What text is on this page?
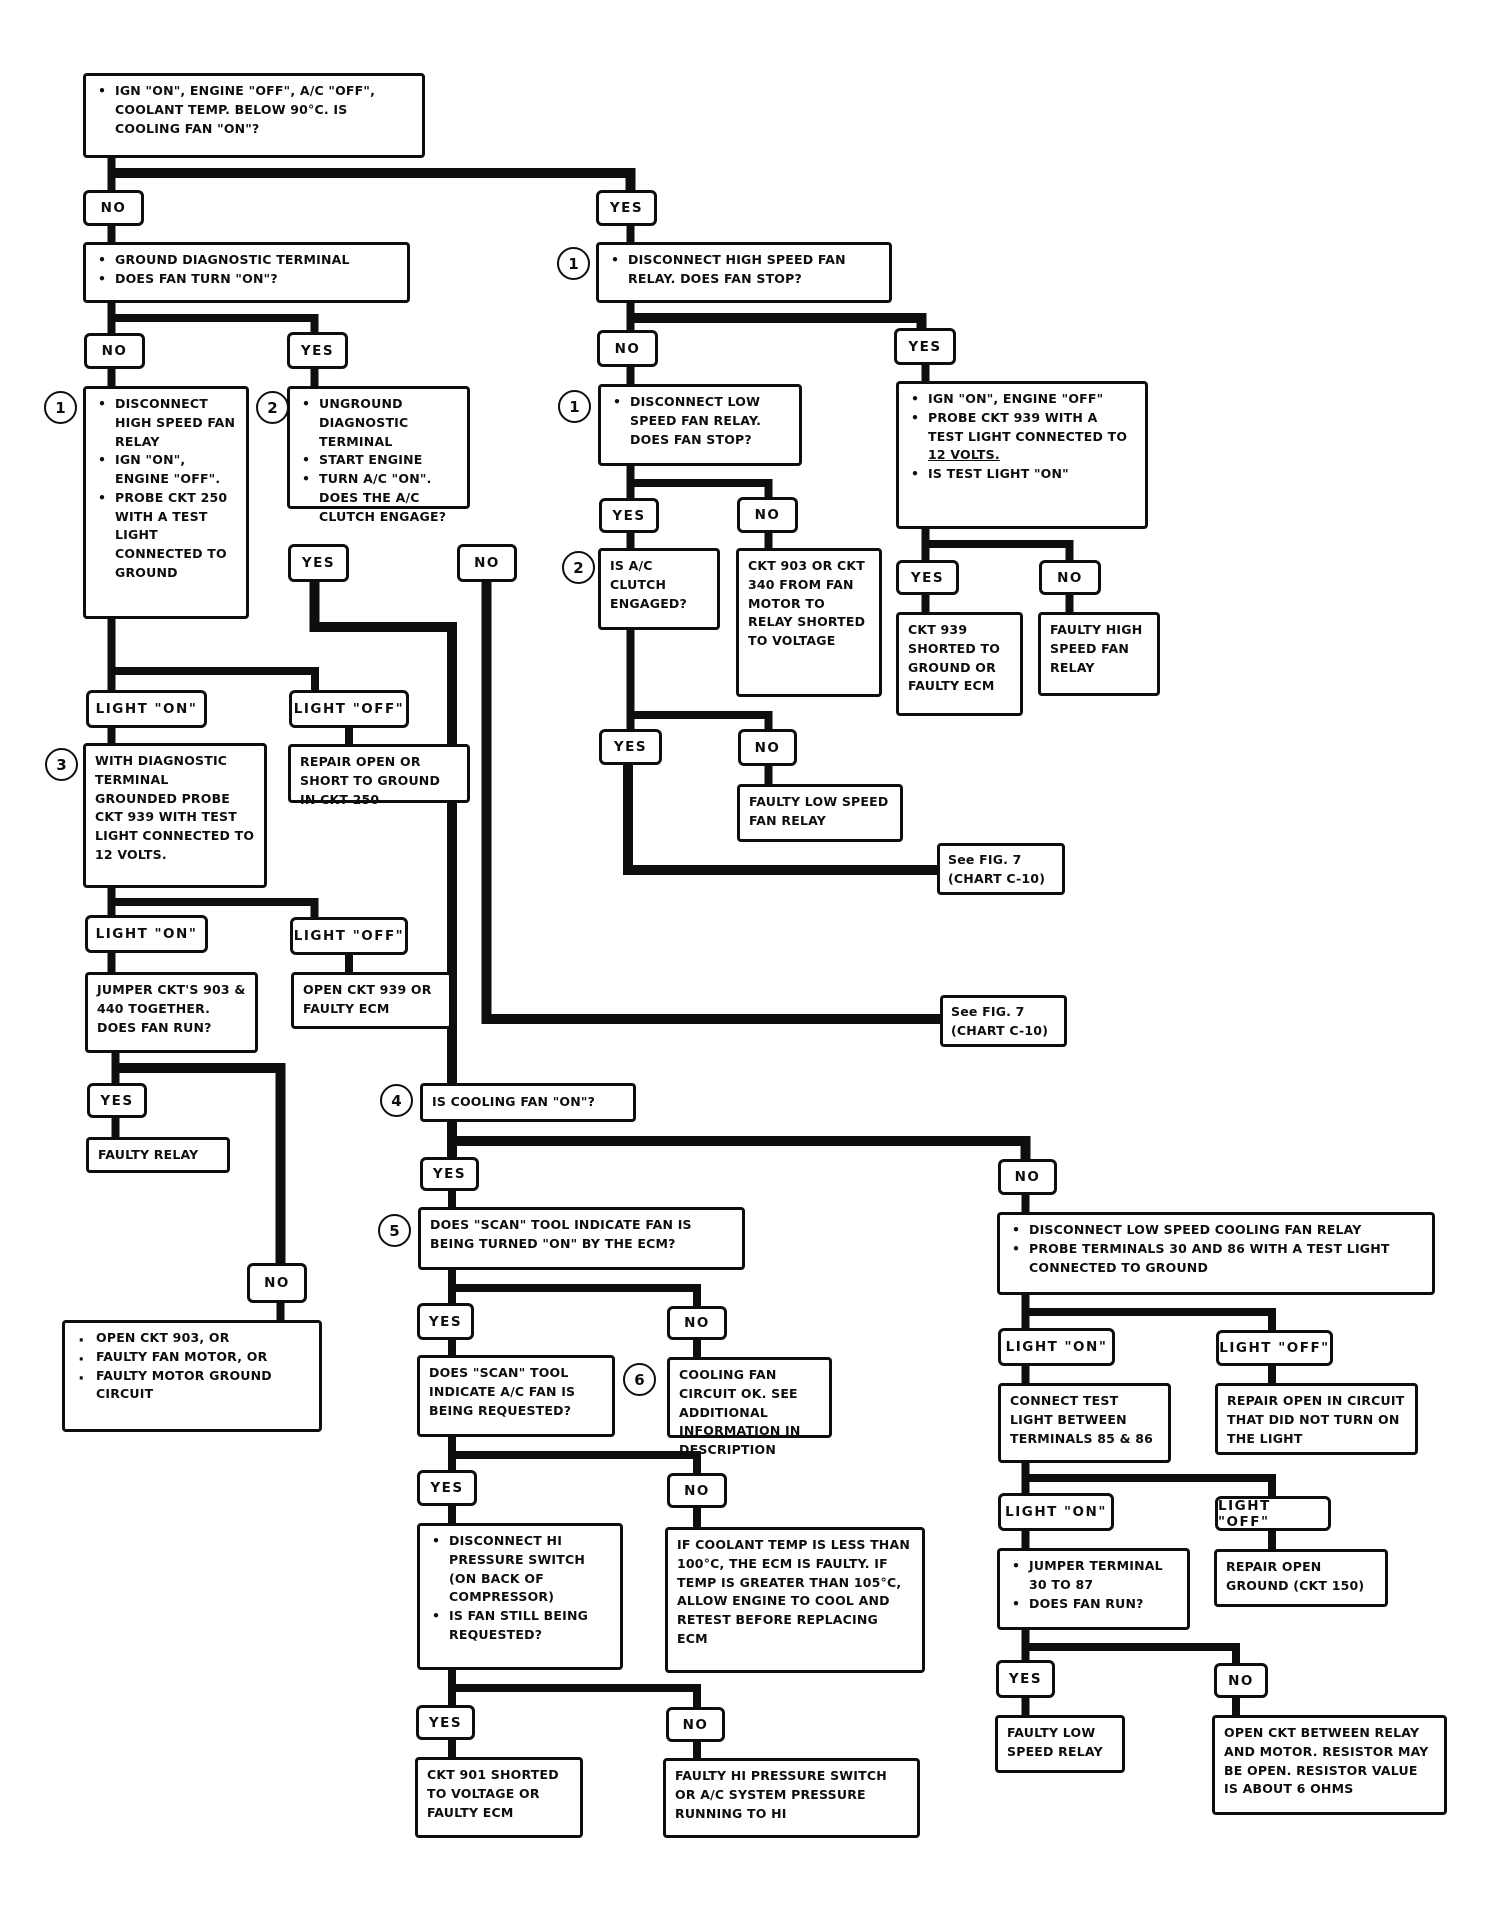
• IGN "ON", ENGINE "OFF", A/C "OFF", COOLANT TEMP. BELOW 90°C. IS COOLING FAN "ON"?
NO
• GROUND DIAGNOSTIC TERMINAL
• DOES FAN TURN "ON"?
NO	YES
1	• DISCONNECT HIGH SPEED FAN RELAY
• IGN "ON", ENGINE "OFF".
• PROBE CKT 250 WITH A TEST LIGHT CONNECTED TO GROUND
2	• UNGROUND DIAGNOSTIC TERMINAL
• START ENGINE
• TURN A/C "ON". DOES THE A/C CLUTCH ENGAGE?
YES	NO
LIGHT "ON"	LIGHT "OFF"
3	WITH DIAGNOSTIC TERMINAL GROUNDED PROBE CKT 939 WITH TEST LIGHT CONNECTED TO 12 VOLTS.
REPAIR OPEN OR SHORT TO GROUND IN CKT 250
LIGHT "ON"	LIGHT "OFF"
JUMPER CKT'S 903 & 440 TOGETHER. DOES FAN RUN?
OPEN CKT 939 OR FAULTY ECM
YES
FAULTY RELAY
NO
· OPEN CKT 903, OR
· FAULTY FAN MOTOR, OR
· FAULTY MOTOR GROUND CIRCUIT
YES
1	• DISCONNECT HIGH SPEED FAN RELAY. DOES FAN STOP?
NO	YES
1	• DISCONNECT LOW SPEED FAN RELAY. DOES FAN STOP?
YES	NO
2	IS A/C CLUTCH ENGAGED?
CKT 903 OR CKT 340 FROM FAN MOTOR TO RELAY SHORTED TO VOLTAGE
• IGN "ON", ENGINE "OFF"
• PROBE CKT 939 WITH A TEST LIGHT CONNECTED TO 12 VOLTS.
• IS TEST LIGHT "ON"
YES	NO
CKT 939 SHORTED TO GROUND OR FAULTY ECM
FAULTY HIGH SPEED FAN RELAY
YES	NO
FAULTY LOW SPEED FAN RELAY
See FIG. 7
(CHART C-10)
See FIG. 7
(CHART C-10)
4	IS COOLING FAN "ON"?
YES
5	DOES "SCAN" TOOL INDICATE FAN IS BEING TURNED "ON" BY THE ECM?
YES	NO
DOES "SCAN" TOOL INDICATE A/C FAN IS BEING REQUESTED?
6	COOLING FAN CIRCUIT OK. SEE ADDITIONAL INFORMATION IN DESCRIPTION
YES	NO
• DISCONNECT HI PRESSURE SWITCH (ON BACK OF COMPRESSOR)
• IS FAN STILL BEING REQUESTED?
IF COOLANT TEMP IS LESS THAN 100°C, THE ECM IS FAULTY. IF TEMP IS GREATER THAN 105°C, ALLOW ENGINE TO COOL AND RETEST BEFORE REPLACING ECM
YES	NO
CKT 901 SHORTED TO VOLTAGE OR FAULTY ECM
FAULTY HI PRESSURE SWITCH OR A/C SYSTEM PRESSURE RUNNING TO HI
NO
• DISCONNECT LOW SPEED COOLING FAN RELAY
• PROBE TERMINALS 30 AND 86 WITH A TEST LIGHT CONNECTED TO GROUND
LIGHT "ON"	LIGHT "OFF"
CONNECT TEST LIGHT BETWEEN TERMINALS 85 & 86
REPAIR OPEN IN CIRCUIT THAT DID NOT TURN ON THE LIGHT
LIGHT "ON"	LIGHT "OFF"
• JUMPER TERMINAL 30 TO 87
• DOES FAN RUN?
REPAIR OPEN GROUND (CKT 150)
YES	NO
FAULTY LOW SPEED RELAY
OPEN CKT BETWEEN RELAY AND MOTOR. RESISTOR MAY BE OPEN. RESISTOR VALUE IS ABOUT 6 OHMS
